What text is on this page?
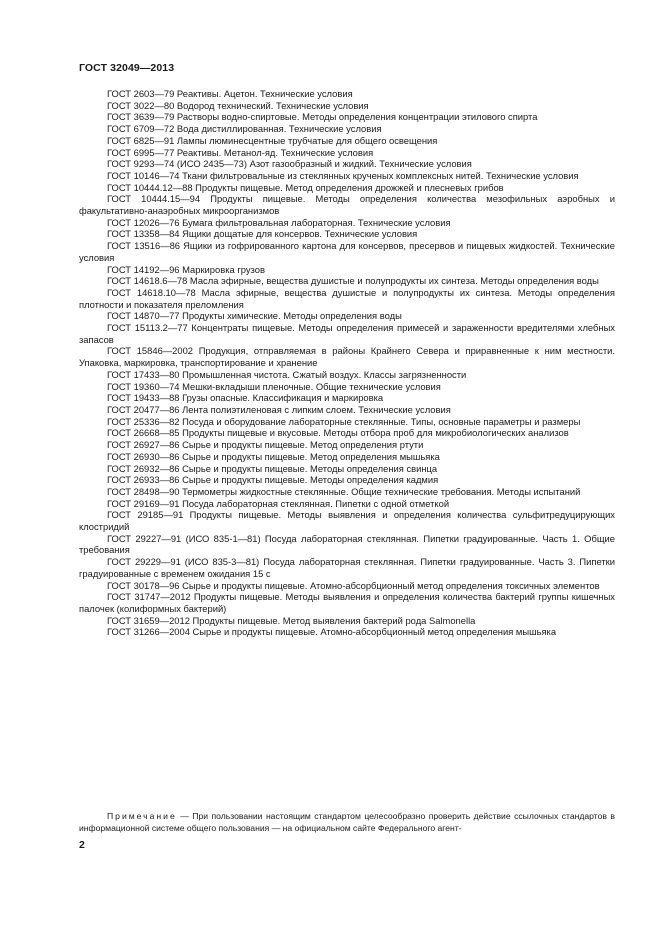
ГОСТ 32049—2013

ГОСТ 2603—79 Реактивы. Ацетон. Технические условия

ГОСТ 3022—80 Водород технический. Технические условия

ГОСТ 3639—79 Растворы водно-спиртовые. Методы определения концентрации этилового спирта

ГОСТ 6709—72 Вода дистиллированная. Технические условия

ГОСТ 6825—91 Лампы люминесцентные трубчатые для общего освещения

ГОСТ 6995—77 Реактивы. Метанол-яд. Технические условия

ГОСТ 9293—74 (ИСО 2435—73) Азот газообразный и жидкий. Технические условия

ГОСТ 10146—74 Ткани фильтровальные из стеклянных крученых комплексных нитей. Технические условия

ГОСТ 10444.12—88 Продукты пищевые. Метод определения дрожжей и плесневых грибов

ГОСТ 10444.15—94 Продукты пищевые. Методы определения количества мезофильных аэробных и факультативно-анаэробных микроорганизмов

ГОСТ 12026—76 Бумага фильтровальная лабораторная. Технические условия

ГОСТ 13358—84 Ящики дощатые для консервов. Технические условия

ГОСТ 13516—86 Ящики из гофрированного картона для консервов, пресервов и пищевых жидкостей. Технические условия

ГОСТ 14192—96 Маркировка грузов

ГОСТ 14618.6—78 Масла эфирные, вещества душистые и полупродукты их синтеза. Методы определения воды

ГОСТ 14618.10—78 Масла эфирные, вещества душистые и полупродукты их синтеза. Методы определения плотности и показателя преломления

ГОСТ 14870—77 Продукты химические. Методы определения воды

ГОСТ 15113.2—77 Концентраты пищевые. Методы определения примесей и зараженности вредителями хлебных запасов

ГОСТ 15846—2002 Продукция, отправляемая в районы Крайнего Севера и приравненные к ним местности. Упаковка, маркировка, транспортирование и хранение

ГОСТ 17433—80 Промышленная чистота. Сжатый воздух. Классы загрязненности

ГОСТ 19360—74 Мешки-вкладыши пленочные. Общие технические условия

ГОСТ 19433—88 Грузы опасные. Классификация и маркировка

ГОСТ 20477—86 Лента полиэтиленовая с липким слоем. Технические условия

ГОСТ 25336—82 Посуда и оборудование лабораторные стеклянные. Типы, основные параметры и размеры

ГОСТ 26668—85 Продукты пищевые и вкусовые. Методы отбора проб для микробиологических анализов

ГОСТ 26927—86 Сырье и продукты пищевые. Метод определения ртути

ГОСТ 26930—86 Сырье и продукты пищевые. Метод определения мышьяка

ГОСТ 26932—86 Сырье и продукты пищевые. Методы определения свинца

ГОСТ 26933—86 Сырье и продукты пищевые. Методы определения кадмия

ГОСТ 28498—90 Термометры жидкостные стеклянные. Общие технические требования. Методы испытаний

ГОСТ 29169—91 Посуда лабораторная стеклянная. Пипетки с одной отметкой

ГОСТ 29185—91 Продукты пищевые. Методы выявления и определения количества сульфитредуцирующих клостридий

ГОСТ 29227—91 (ИСО 835-1—81) Посуда лабораторная стеклянная. Пипетки градуированные. Часть 1. Общие требования

ГОСТ 29229—91 (ИСО 835-3—81) Посуда лабораторная стеклянная. Пипетки градуированные. Часть 3. Пипетки градуированные с временем ожидания 15 с

ГОСТ 30178—96 Сырье и продукты пищевые. Атомно-абсорбционный метод определения токсичных элементов

ГОСТ 31747—2012 Продукты пищевые. Методы выявления и определения количества бактерий группы кишечных палочек (колиформных бактерий)

ГОСТ 31659—2012 Продукты пищевые. Метод выявления бактерий рода Salmonella

ГОСТ 31266—2004 Сырье и продукты пищевые. Атомно-абсорбционный метод определения мышьяка

Примечание — При пользовании настоящим стандартом целесообразно проверить действие ссылочных стандартов в информационной системе общего пользования — на официальном сайте Федерального агент-

2
